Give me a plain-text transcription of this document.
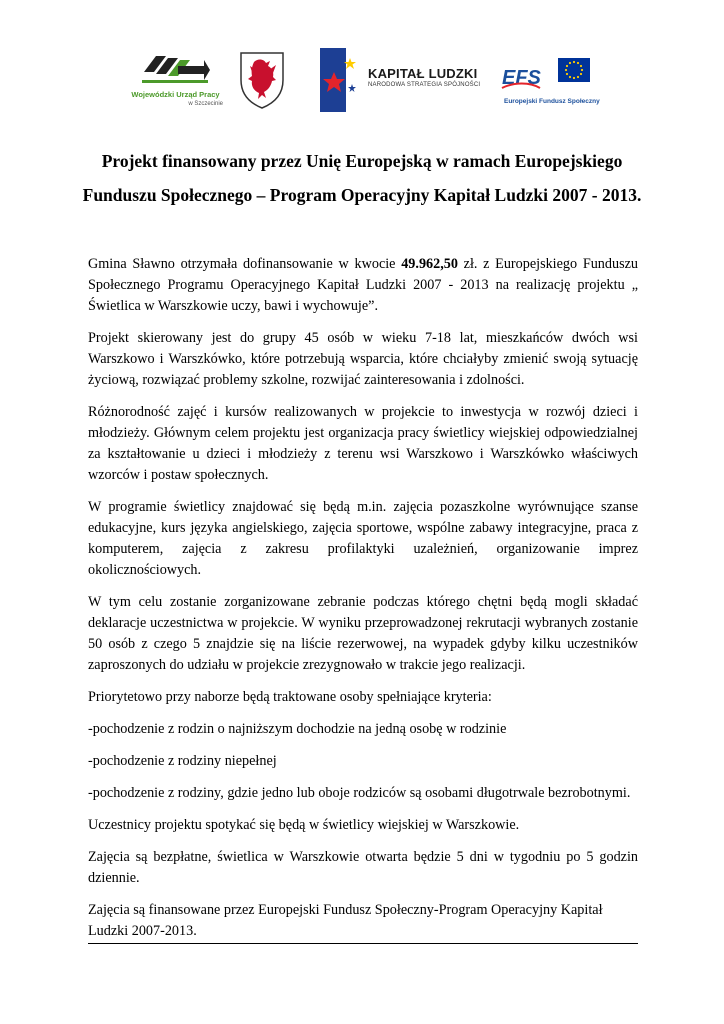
Wojewódzki Urząd Pracy
w Szczecinie
KAPITAŁ LUDZKI
NARODOWA STRATEGIA SPÓJNOŚCI EFS
Europejski Fundusz Społeczny
Projekt finansowany przez Unię Europejską w ramach Europejskiego
Funduszu Społecznego – Program Operacyjny Kapitał Ludzki 2007 - 2013.

Gmina Sławno otrzymała dofinansowanie w kwocie 49.962,50 zł. z Europejskiego Funduszu Społecznego Programu Operacyjnego Kapitał Ludzki 2007 - 2013 na realizację projektu „ Świetlica w Warszkowie uczy, bawi i wychowuje”.

Projekt skierowany jest do grupy 45 osób w wieku 7-18 lat, mieszkańców dwóch wsi Warszkowo i Warszkówko, które potrzebują wsparcia, które chciałyby zmienić swoją sytuację życiową, rozwiązać problemy szkolne, rozwijać zainteresowania i zdolności.

Różnorodność zajęć i kursów realizowanych w projekcie to inwestycja w rozwój dzieci i młodzieży. Głównym celem projektu jest organizacja pracy świetlicy wiejskiej odpowiedzialnej za kształtowanie u dzieci i młodzieży z terenu wsi Warszkowo i Warszkówko właściwych wzorców i postaw społecznych.

W programie świetlicy znajdować się będą m.in. zajęcia pozaszkolne wyrównujące szanse edukacyjne, kurs języka angielskiego, zajęcia sportowe, wspólne zabawy integracyjne, praca z komputerem, zajęcia z zakresu profilaktyki uzależnień, organizowanie imprez okolicznościowych.

W tym celu zostanie zorganizowane zebranie podczas którego chętni będą mogli składać deklaracje uczestnictwa w projekcie. W wyniku przeprowadzonej rekrutacji wybranych zostanie 50 osób z czego 5 znajdzie się na liście rezerwowej, na wypadek gdyby kilku uczestników zaproszonych do udziału w projekcie zrezygnowało w trakcie jego realizacji.

Priorytetowo przy naborze będą traktowane osoby spełniające kryteria:

-pochodzenie z rodzin o najniższym dochodzie na jedną osobę w rodzinie

-pochodzenie z rodziny niepełnej

-pochodzenie z rodziny, gdzie jedno lub oboje rodziców są osobami długotrwale bezrobotnymi.

Uczestnicy projektu spotykać się będą w świetlicy wiejskiej w Warszkowie.

Zajęcia są bezpłatne, świetlica w Warszkowie otwarta będzie 5 dni w tygodniu po 5 godzin dziennie.

Zajęcia są finansowane przez Europejski Fundusz Społeczny-Program Operacyjny Kapitał Ludzki 2007-2013.
